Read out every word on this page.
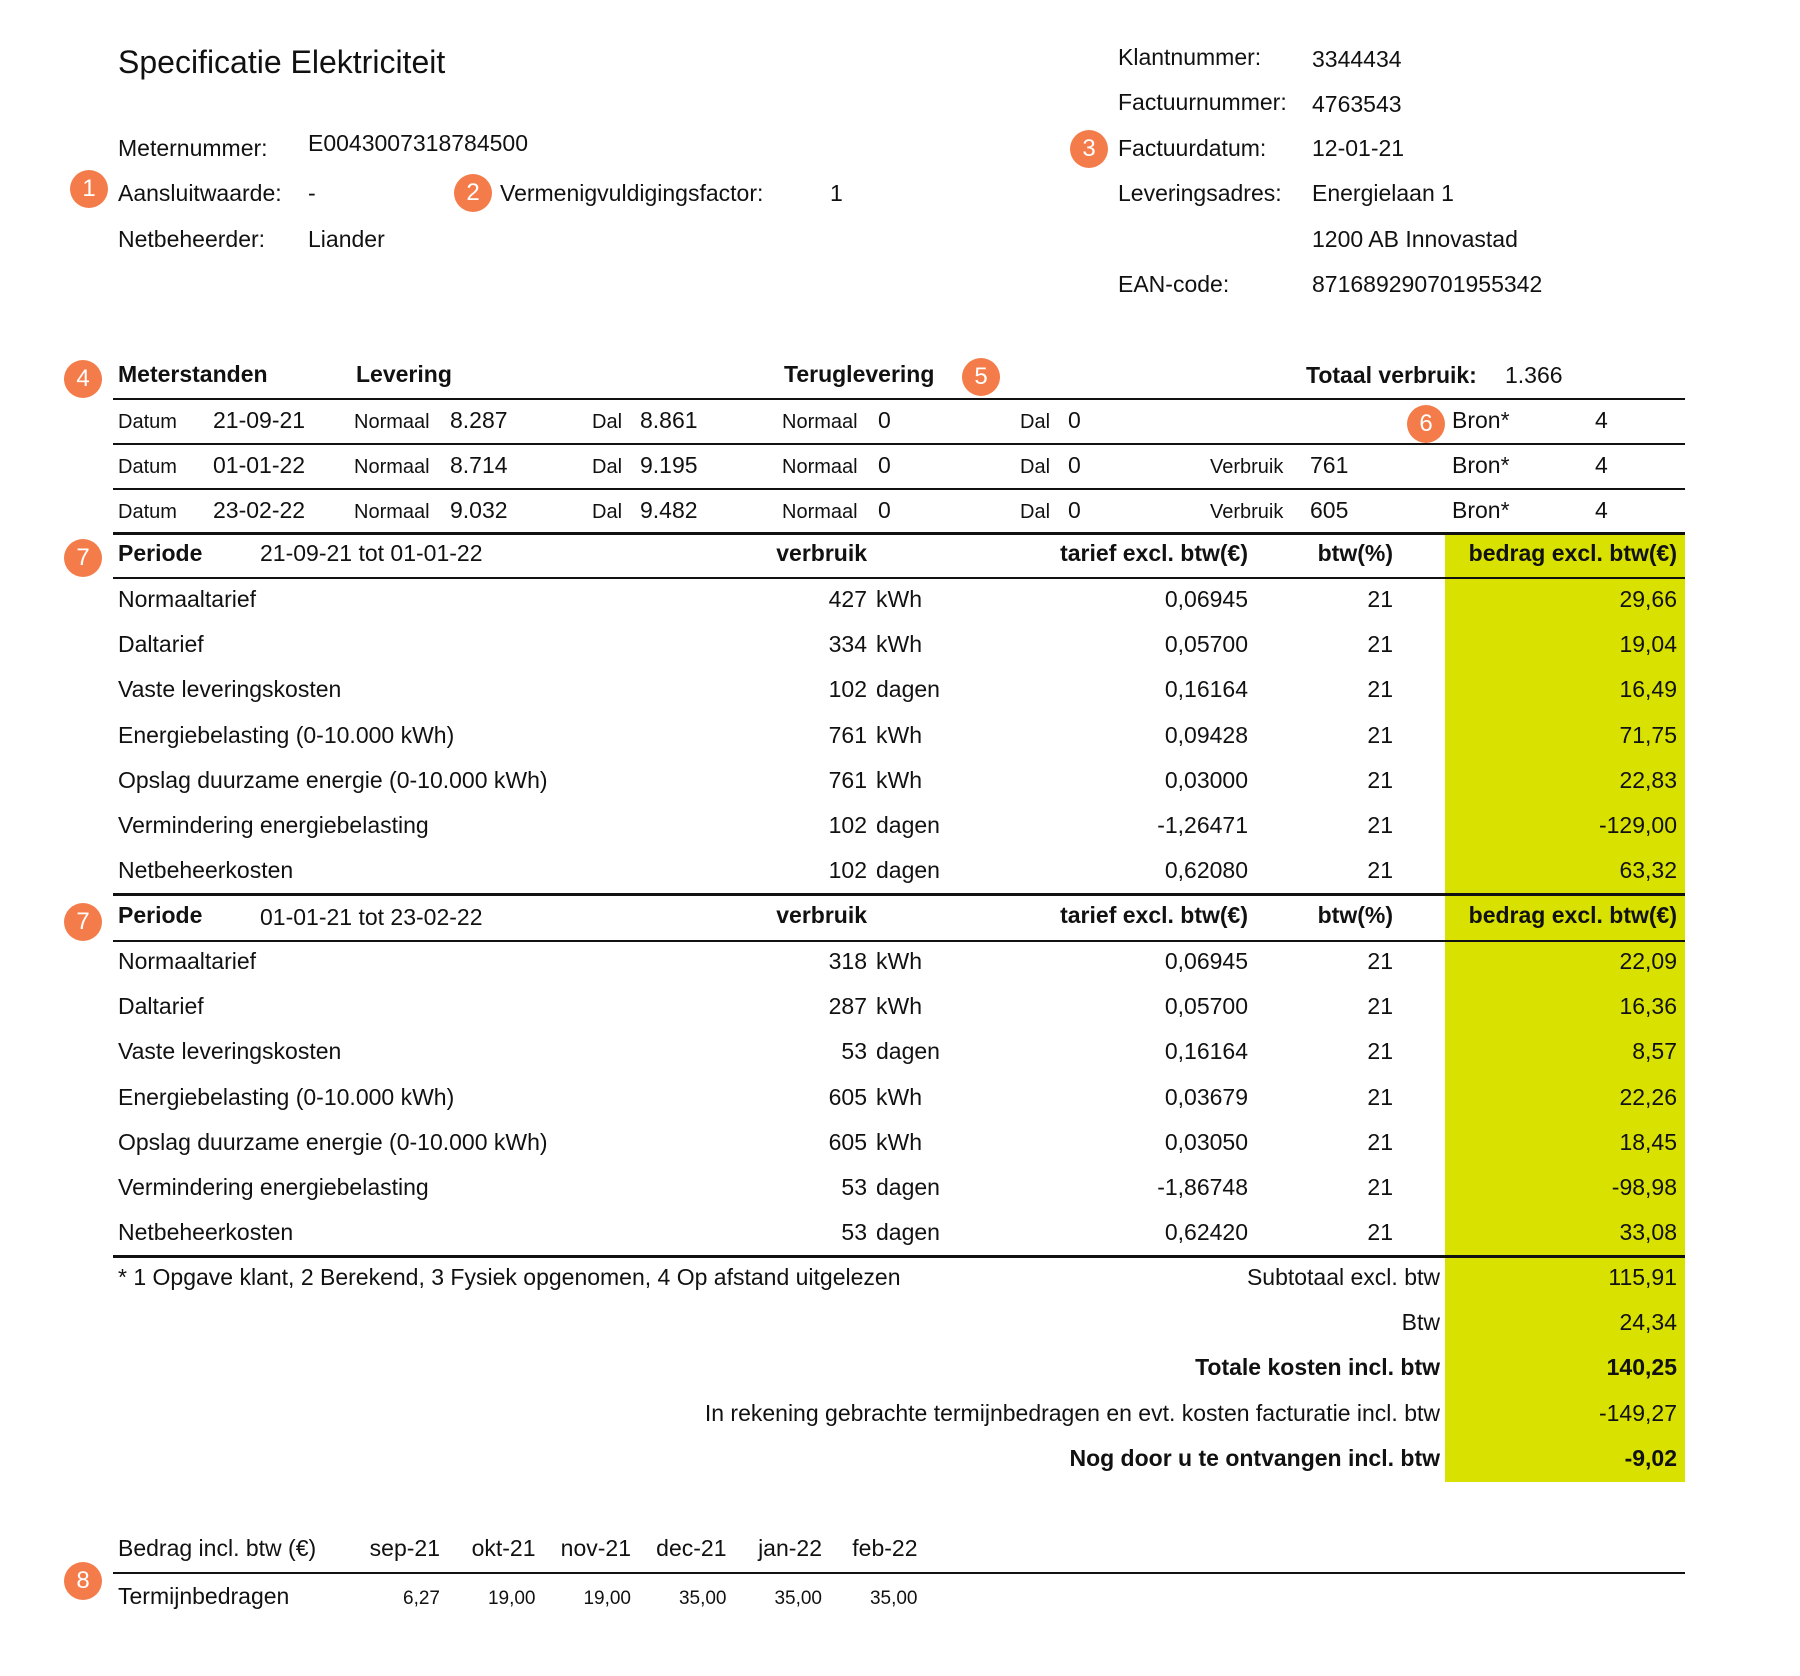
Specificatie Elektriciteit
Meternummer: E0043007318784500
Aansluitwaarde: -	Vermenigvuldigingsfactor:	1
Netbeheerder: Liander
Klantnummer: 3344434
Factuurnummer: 4763543
Factuurdatum: 12-01-21
Leveringsadres: Energielaan 1
1200 AB Innovastad
EAN-code:	871689290701955342
1	2
3
4	5
6
7
7
8
Meterstanden	Levering	Teruglevering	Totaal verbruik: 1.366
Datum 21-09-21 Normaal 8.287	Dal 8.861	Normaal 0	Dal 0	Bron*	4
Datum 01-01-22 Normaal 8.714	Dal 9.195	Normaal 0	Dal 0	Verbruik 761	Bron*	4
Datum 23-02-22 Normaal 9.032	Dal 9.482	Normaal 0	Dal 0	Verbruik 605	Bron*	4
Periode	21-09-21 tot 01-01-22	verbruik	tarief excl. btw(€)	btw(%)	bedrag excl. btw(€)
Normaaltarief	427 kWh	0,06945	21	29,66
Daltarief	334 kWh	0,05700	21	19,04
Vaste leveringskosten	102 dagen	0,16164	21	16,49
Energiebelasting (0-10.000 kWh)	761 kWh	0,09428	21	71,75
Opslag duurzame energie (0-10.000 kWh)	761 kWh	0,03000	21	22,83
Vermindering energiebelasting	102 dagen	-1,26471	21	-129,00
Netbeheerkosten	102 dagen	0,62080	21	63,32
Periode	01-01-21 tot 23-02-22	verbruik	tarief excl. btw(€)	btw(%)	bedrag excl. btw(€)
Normaaltarief	318 kWh	0,06945	21	22,09
Daltarief	287 kWh	0,05700	21	16,36
Vaste leveringskosten	53 dagen	0,16164	21	8,57
Energiebelasting (0-10.000 kWh)	605 kWh	0,03679	21	22,26
Opslag duurzame energie (0-10.000 kWh)	605 kWh	0,03050	21	18,45
Vermindering energiebelasting	53 dagen	-1,86748	21	-98,98
Netbeheerkosten	53 dagen	0,62420	21	33,08
* 1 Opgave klant, 2 Berekend, 3 Fysiek opgenomen, 4 Op afstand uitgelezen	Subtotaal excl. btw	115,91
Btw	24,34
Totale kosten incl. btw	140,25
In rekening gebrachte termijnbedragen en evt. kosten facturatie incl. btw	-149,27
Nog door u te ontvangen incl. btw	-9,02
Bedrag incl. btw (€)	sep-21	okt-21	nov-21	dec-21	jan-22	feb-22
Termijnbedragen	6,27	19,00	19,00	35,00	35,00	35,00
